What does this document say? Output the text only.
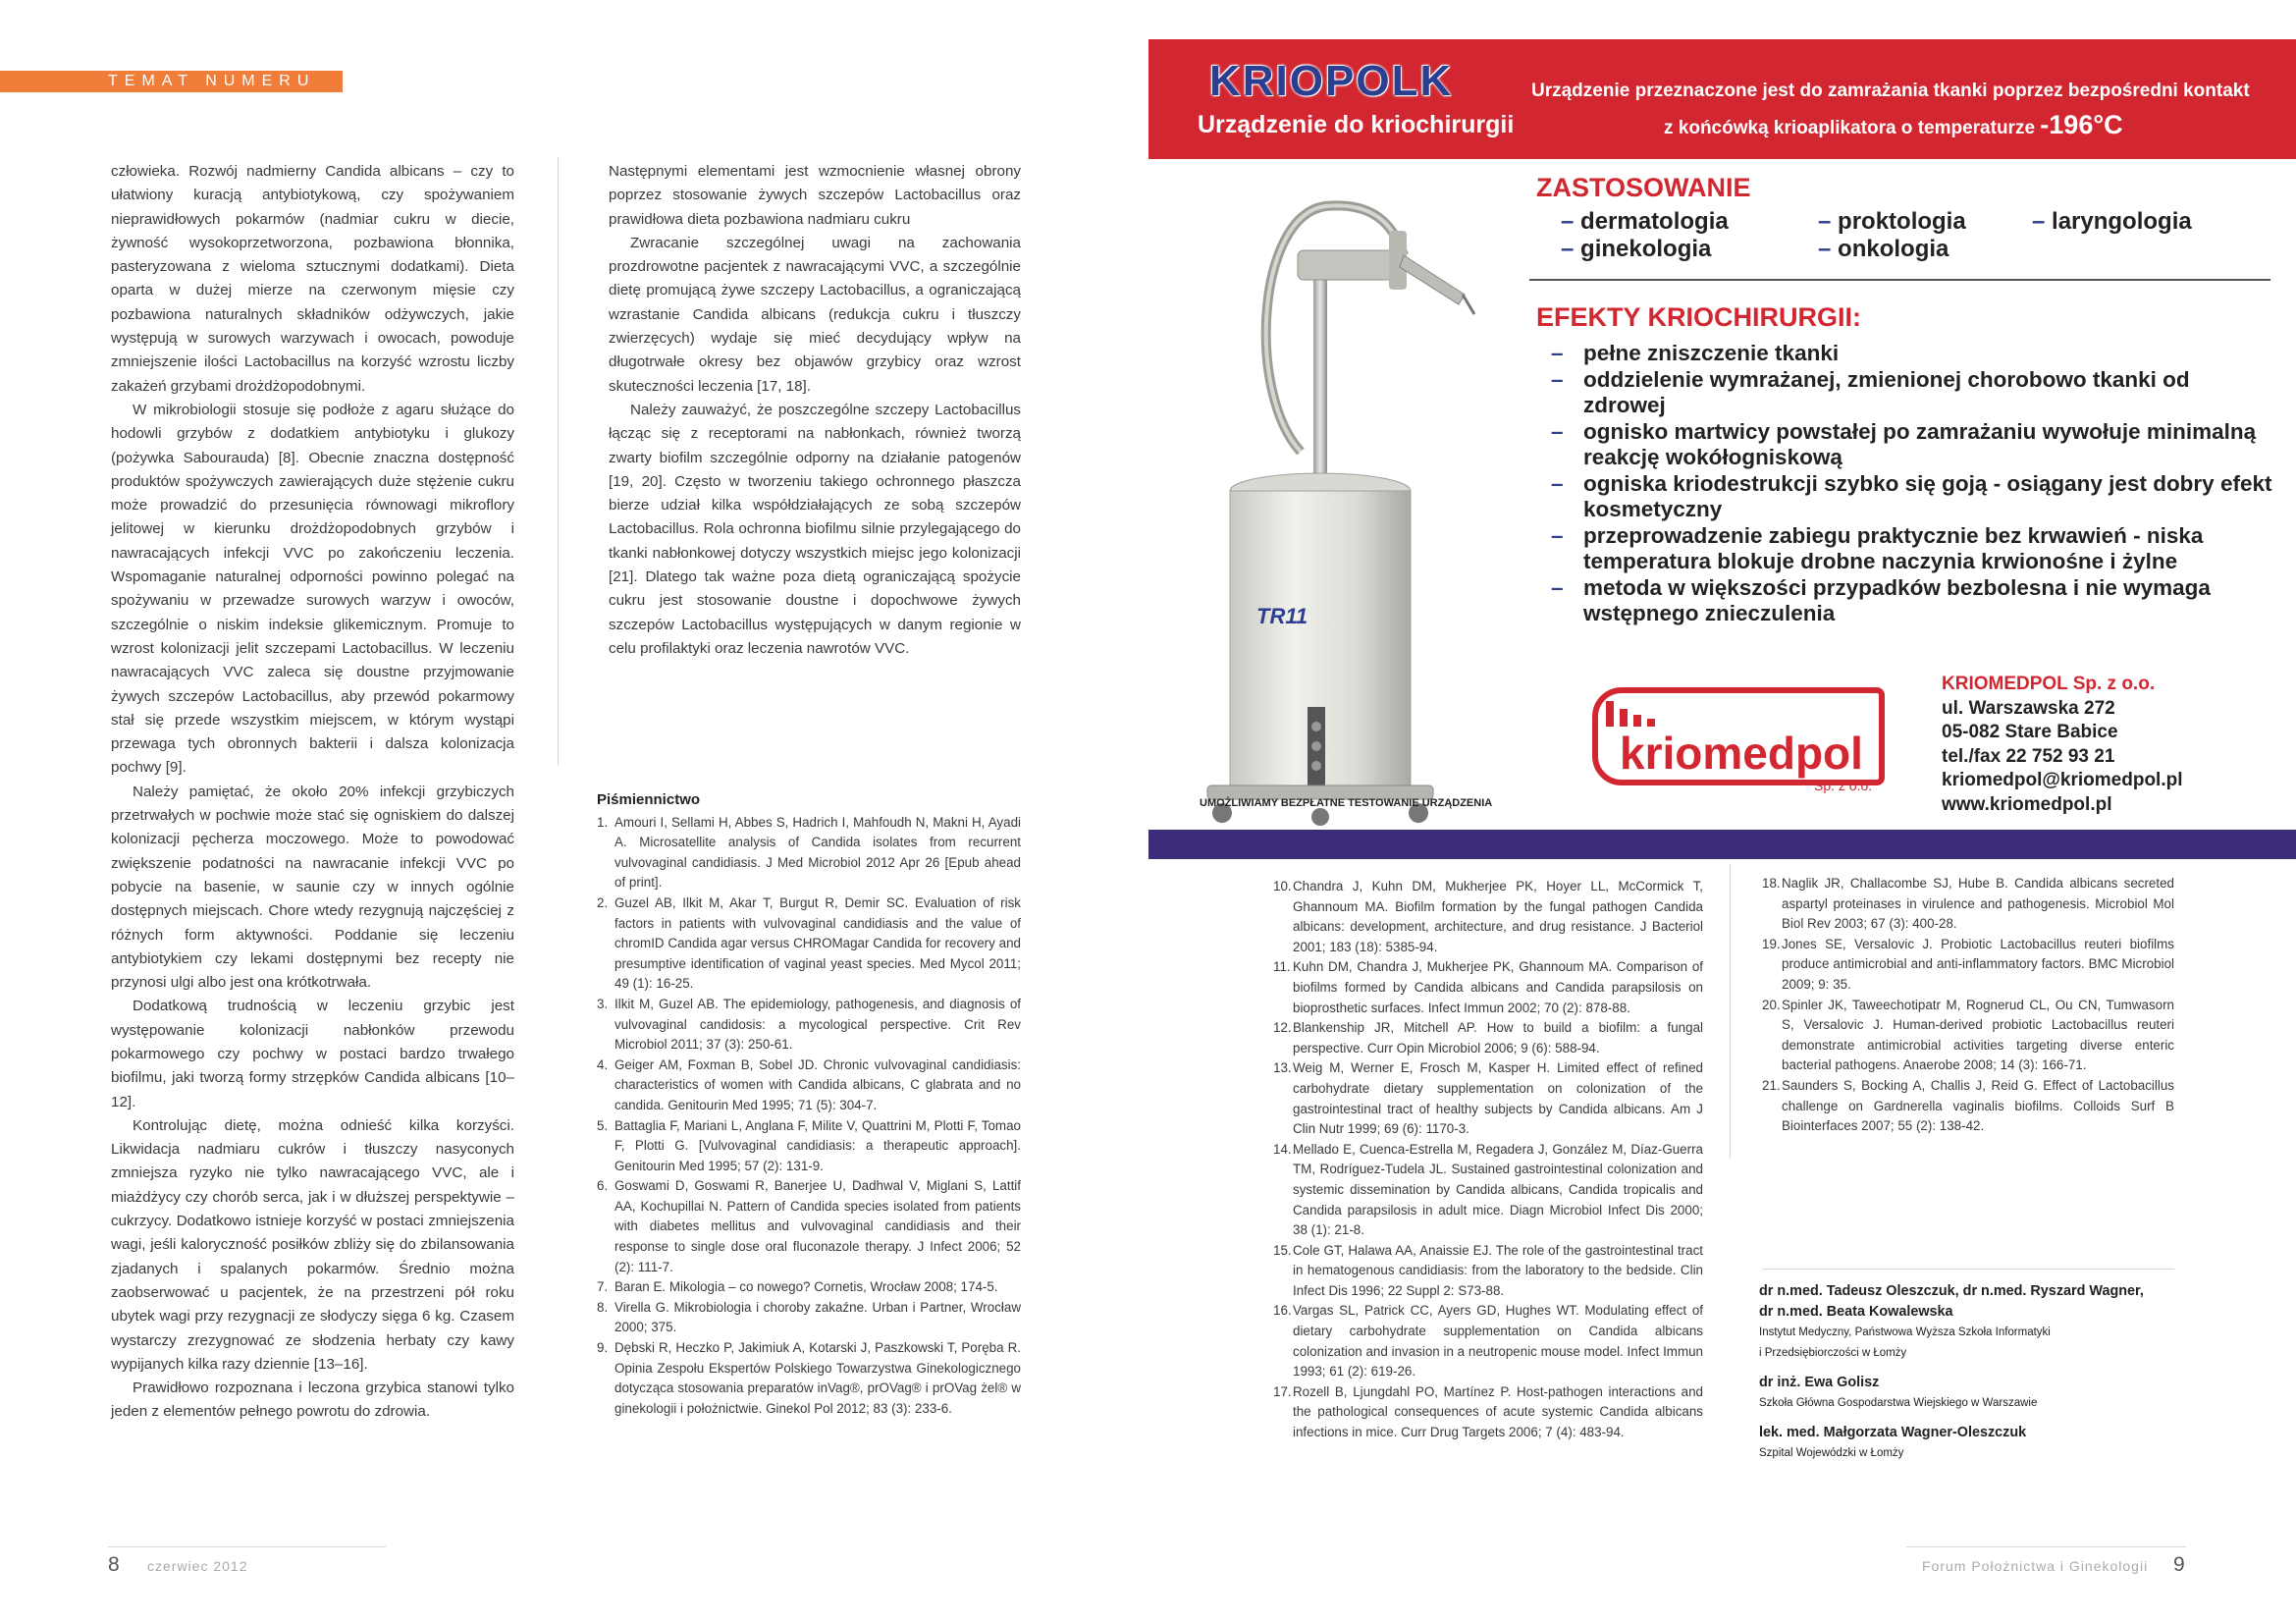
TEMAT NUMERU

człowieka. Rozwój nadmierny Candida albicans – czy to ułatwiony kuracją antybiotykową, czy spożywaniem nieprawidłowych pokarmów (nadmiar cukru w diecie, żywność wysokoprzetworzona, pozbawiona błonnika, pasteryzowana z wieloma sztucznymi dodatkami). Dieta oparta w dużej mierze na czerwonym mięsie czy pozbawiona naturalnych składników odżywczych, jakie występują w surowych warzywach i owocach, powoduje zmniejszenie ilości Lactobacillus na korzyść wzrostu liczby zakażeń grzybami drożdżopodobnymi.

W mikrobiologii stosuje się podłoże z agaru służące do hodowli grzybów z dodatkiem antybiotyku i glukozy (pożywka Sabourauda) [8]. Obecnie znaczna dostępność produktów spożywczych zawierających duże stężenie cukru może prowadzić do przesunięcia równowagi mikroflory jelitowej w kierunku drożdżopodobnych grzybów i nawracających infekcji VVC po zakończeniu leczenia. Wspomaganie naturalnej odporności powinno polegać na spożywaniu w przewadze surowych warzyw i owoców, szczególnie o niskim indeksie glikemicznym. Promuje to wzrost kolonizacji jelit szczepami Lactobacillus. W leczeniu nawracających VVC zaleca się doustne przyjmowanie żywych szczepów Lactobacillus, aby przewód pokarmowy stał się przede wszystkim miejscem, w którym wystąpi przewaga tych obronnych bakterii i dalsza kolonizacja pochwy [9].

Należy pamiętać, że około 20% infekcji grzybiczych przetrwałych w pochwie może stać się ogniskiem do dalszej kolonizacji pęcherza moczowego. Może to powodować zwiększenie podatności na nawracanie infekcji VVC po pobycie na basenie, w saunie czy w innych ogólnie dostępnych miejscach. Chore wtedy rezygnują najczęściej z różnych form aktywności. Poddanie się leczeniu antybiotykiem czy lekami dostępnymi bez recepty nie przynosi ulgi albo jest ona krótkotrwała.

Dodatkową trudnością w leczeniu grzybic jest występowanie kolonizacji nabłonków przewodu pokarmowego czy pochwy w postaci bardzo trwałego biofilmu, jaki tworzą formy strzępków Candida albicans [10–12].

Kontrolując dietę, można odnieść kilka korzyści. Likwidacja nadmiaru cukrów i tłuszczy nasyconych zmniejsza ryzyko nie tylko nawracającego VVC, ale i miażdżycy czy chorób serca, jak i w dłuższej perspektywie – cukrzycy. Dodatkowo istnieje korzyść w postaci zmniejszenia wagi, jeśli kaloryczność posiłków zbliży się do zbilansowania zjadanych i spalanych pokarmów. Średnio można zaobserwować u pacjentek, że na przestrzeni pół roku ubytek wagi przy rezygnacji ze słodyczy sięga 6 kg. Czasem wystarczy zrezygnować ze słodzenia herbaty czy kawy wypijanych kilka razy dziennie [13–16].

Prawidłowo rozpoznana i leczona grzybica stanowi tylko jeden z elementów pełnego powrotu do zdrowia.

Następnymi elementami jest wzmocnienie własnej obrony poprzez stosowanie żywych szczepów Lactobacillus oraz prawidłowa dieta pozbawiona nadmiaru cukru

Zwracanie szczególnej uwagi na zachowania prozdrowotne pacjentek z nawracającymi VVC, a szczególnie dietę promującą żywe szczepy Lactobacillus, a ograniczającą wzrastanie Candida albicans (redukcja cukru i tłuszczy zwierzęcych) wydaje się mieć decydujący wpływ na długotrwałe okresy bez objawów grzybicy oraz wzrost skuteczności leczenia [17, 18].

Należy zauważyć, że poszczególne szczepy Lactobacillus łącząc się z receptorami na nabłonkach, również tworzą zwarty biofilm szczególnie odporny na działanie patogenów [19, 20]. Często w tworzeniu takiego ochronnego płaszcza bierze udział kilka współdziałających ze sobą szczepów Lactobacillus. Rola ochronna biofilmu silnie przylegającego do tkanki nabłonkowej dotyczy wszystkich miejsc jego kolonizacji [21]. Dlatego tak ważne poza dietą ograniczającą spożycie cukru jest stosowanie doustne i dopochwowe żywych szczepów Lactobacillus występujących w danym regionie w celu profilaktyki oraz leczenia nawrotów VVC.

Piśmiennictwo
1. Amouri I, Sellami H, Abbes S, Hadrich I, Mahfoudh N, Makni H, Ayadi A. Microsatellite analysis of Candida isolates from recurrent vulvovaginal candidiasis. J Med Microbiol 2012 Apr 26 [Epub ahead of print].
2. Guzel AB, Ilkit M, Akar T, Burgut R, Demir SC. Evaluation of risk factors in patients with vulvovaginal candidiasis and the value of chromID Candida agar versus CHROMagar Candida for recovery and presumptive identification of vaginal yeast species. Med Mycol 2011; 49 (1): 16-25.
3. Ilkit M, Guzel AB. The epidemiology, pathogenesis, and diagnosis of vulvovaginal candidosis: a mycological perspective. Crit Rev Microbiol 2011; 37 (3): 250-61.
4. Geiger AM, Foxman B, Sobel JD. Chronic vulvovaginal candidiasis: characteristics of women with Candida albicans, C glabrata and no candida. Genitourin Med 1995; 71 (5): 304-7.
5. Battaglia F, Mariani L, Anglana F, Milite V, Quattrini M, Plotti F, Tomao F, Plotti G. [Vulvovaginal candidiasis: a therapeutic approach]. Genitourin Med 1995; 57 (2): 131-9.
6. Goswami D, Goswami R, Banerjee U, Dadhwal V, Miglani S, Lattif AA, Kochupillai N. Pattern of Candida species isolated from patients with diabetes mellitus and vulvovaginal candidiasis and their response to single dose oral fluconazole therapy. J Infect 2006; 52 (2): 111-7.
7. Baran E. Mikologia – co nowego? Cornetis, Wrocław 2008; 174-5.
8. Virella G. Mikrobiologia i choroby zakaźne. Urban i Partner, Wrocław 2000; 375.
9. Dębski R, Heczko P, Jakimiuk A, Kotarski J, Paszkowski T, Poręba R. Opinia Zespołu Ekspertów Polskiego Towarzystwa Ginekologicznego dotycząca stosowania preparatów inVag®, prOVag® i prOVag żel® w ginekologii i położnictwie. Ginekol Pol 2012; 83 (3): 233-6.
KRIOPOLK
Urządzenie do kriochirurgii
Urządzenie przeznaczone jest do zamrażania tkanki poprzez bezpośredni kontakt
z końcówką krioaplikatora o temperaturze -196°C
TR11
ZASTOSOWANIE
– dermatologia
– ginekologia
– proktologia
– onkologia
– laryngologia
EFEKTY KRIOCHIRURGII:
– pełne zniszczenie tkanki
– oddzielenie wymrażanej, zmienionej chorobowo tkanki od zdrowej
– ognisko martwicy powstałej po zamrażaniu wywołuje minimalną reakcję wokółogniskową
– ogniska kriodestrukcji szybko się goją - osiągany jest dobry efekt kosmetyczny
– przeprowadzenie zabiegu praktycznie bez krwawień - niska temperatura blokuje drobne naczynia krwionośne i żylne
– metoda w większości przypadków bezbolesna i nie wymaga wstępnego znieczulenia
kriomedpol
Sp. z o.o.
KRIOMEDPOL Sp. z o.o.
ul. Warszawska 272
05-082 Stare Babice
tel./fax 22 752 93 21
kriomedpol@kriomedpol.pl
www.kriomedpol.pl
UMOŻLIWIAMY BEZPŁATNE TESTOWANIE URZĄDZENIA
10. Chandra J, Kuhn DM, Mukherjee PK, Hoyer LL, McCormick T, Ghannoum MA. Biofilm formation by the fungal pathogen Candida albicans: development, architecture, and drug resistance. J Bacteriol 2001; 183 (18): 5385-94.
11. Kuhn DM, Chandra J, Mukherjee PK, Ghannoum MA. Comparison of biofilms formed by Candida albicans and Candida parapsilosis on bioprosthetic surfaces. Infect Immun 2002; 70 (2): 878-88.
12. Blankenship JR, Mitchell AP. How to build a biofilm: a fungal perspective. Curr Opin Microbiol 2006; 9 (6): 588-94.
13. Weig M, Werner E, Frosch M, Kasper H. Limited effect of refined carbohydrate dietary supplementation on colonization of the gastrointestinal tract of healthy subjects by Candida albicans. Am J Clin Nutr 1999; 69 (6): 1170-3.
14. Mellado E, Cuenca-Estrella M, Regadera J, González M, Díaz-Guerra TM, Rodríguez-Tudela JL. Sustained gastrointestinal colonization and systemic dissemination by Candida albicans, Candida tropicalis and Candida parapsilosis in adult mice. Diagn Microbiol Infect Dis 2000; 38 (1): 21-8.
15. Cole GT, Halawa AA, Anaissie EJ. The role of the gastrointestinal tract in hematogenous candidiasis: from the laboratory to the bedside. Clin Infect Dis 1996; 22 Suppl 2: S73-88.
16. Vargas SL, Patrick CC, Ayers GD, Hughes WT. Modulating effect of dietary carbohydrate supplementation on Candida albicans colonization and invasion in a neutropenic mouse model. Infect Immun 1993; 61 (2): 619-26.
17. Rozell B, Ljungdahl PO, Martínez P. Host-pathogen interactions and the pathological consequences of acute systemic Candida albicans infections in mice. Curr Drug Targets 2006; 7 (4): 483-94.
18. Naglik JR, Challacombe SJ, Hube B. Candida albicans secreted aspartyl proteinases in virulence and pathogenesis. Microbiol Mol Biol Rev 2003; 67 (3): 400-28.
19. Jones SE, Versalovic J. Probiotic Lactobacillus reuteri biofilms produce antimicrobial and anti-inflammatory factors. BMC Microbiol 2009; 9: 35.
20. Spinler JK, Taweechotipatr M, Rognerud CL, Ou CN, Tumwasorn S, Versalovic J. Human-derived probiotic Lactobacillus reuteri demonstrate antimicrobial activities targeting diverse enteric bacterial pathogens. Anaerobe 2008; 14 (3): 166-71.
21. Saunders S, Bocking A, Challis J, Reid G. Effect of Lactobacillus challenge on Gardnerella vaginalis biofilms. Colloids Surf B Biointerfaces 2007; 55 (2): 138-42.
dr n.med. Tadeusz Oleszczuk, dr n.med. Ryszard Wagner,
dr n.med. Beata Kowalewska
Instytut Medyczny, Państwowa Wyższa Szkoła Informatyki
i Przedsiębiorczości w Łomży
dr inż. Ewa Golisz
Szkoła Główna Gospodarstwa Wiejskiego w Warszawie
lek. med. Małgorzata Wagner-Oleszczuk
Szpital Wojewódzki w Łomży
8 czerwiec 2012	Forum Położnictwa i Ginekologii 9
